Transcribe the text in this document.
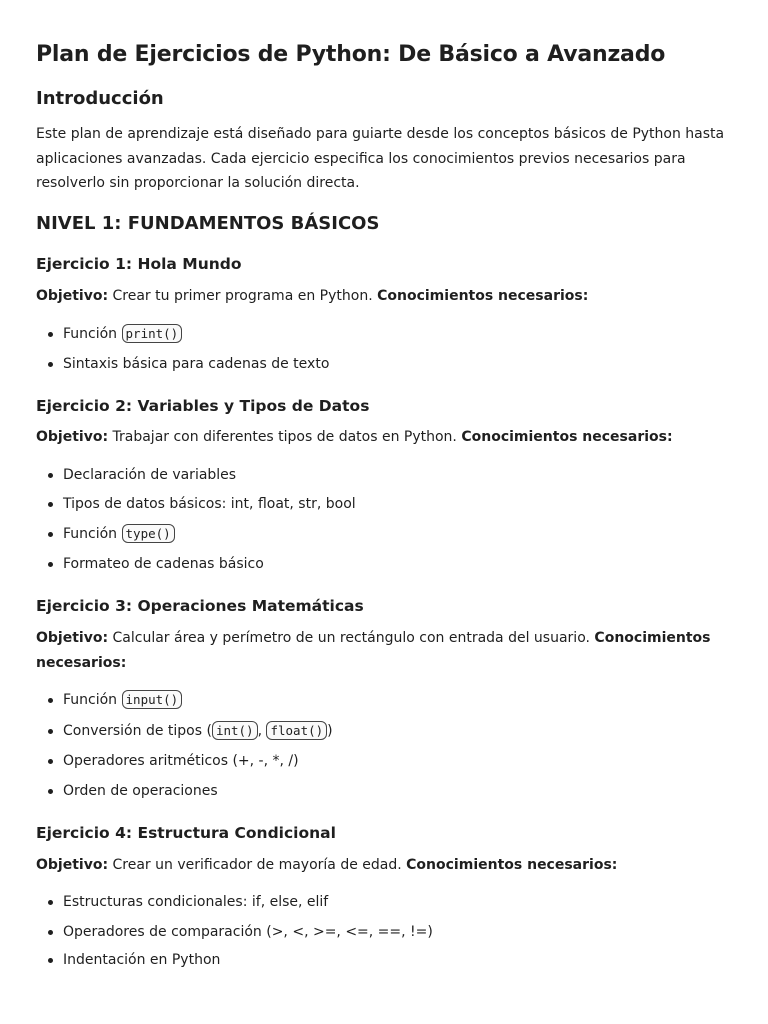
Plan de Ejercicios de Python: De Básico a Avanzado
Introducción

Este plan de aprendizaje está diseñado para guiarte desde los conceptos básicos de Python hasta aplicaciones avanzadas. Cada ejercicio especifica los conocimientos previos necesarios para resolverlo sin proporcionar la solución directa.

NIVEL 1: FUNDAMENTOS BÁSICOS
Ejercicio 1: Hola Mundo

Objetivo: Crear tu primer programa en Python. Conocimientos necesarios:

Función print()
Sintaxis básica para cadenas de texto
Ejercicio 2: Variables y Tipos de Datos

Objetivo: Trabajar con diferentes tipos de datos en Python. Conocimientos necesarios:

Declaración de variables
Tipos de datos básicos: int, float, str, bool
Función type()
Formateo de cadenas básico
Ejercicio 3: Operaciones Matemáticas

Objetivo: Calcular área y perímetro de un rectángulo con entrada del usuario. Conocimientos
necesarios:

Función input()
Conversión de tipos ( int() , float() )
Operadores aritméticos (+, -, *, /)
Orden de operaciones
Ejercicio 4: Estructura Condicional

Objetivo: Crear un verificador de mayoría de edad. Conocimientos necesarios:

Estructuras condicionales: if, else, elif
Operadores de comparación (>, <, >=, <=, ==, !=)
Indentación en Python
